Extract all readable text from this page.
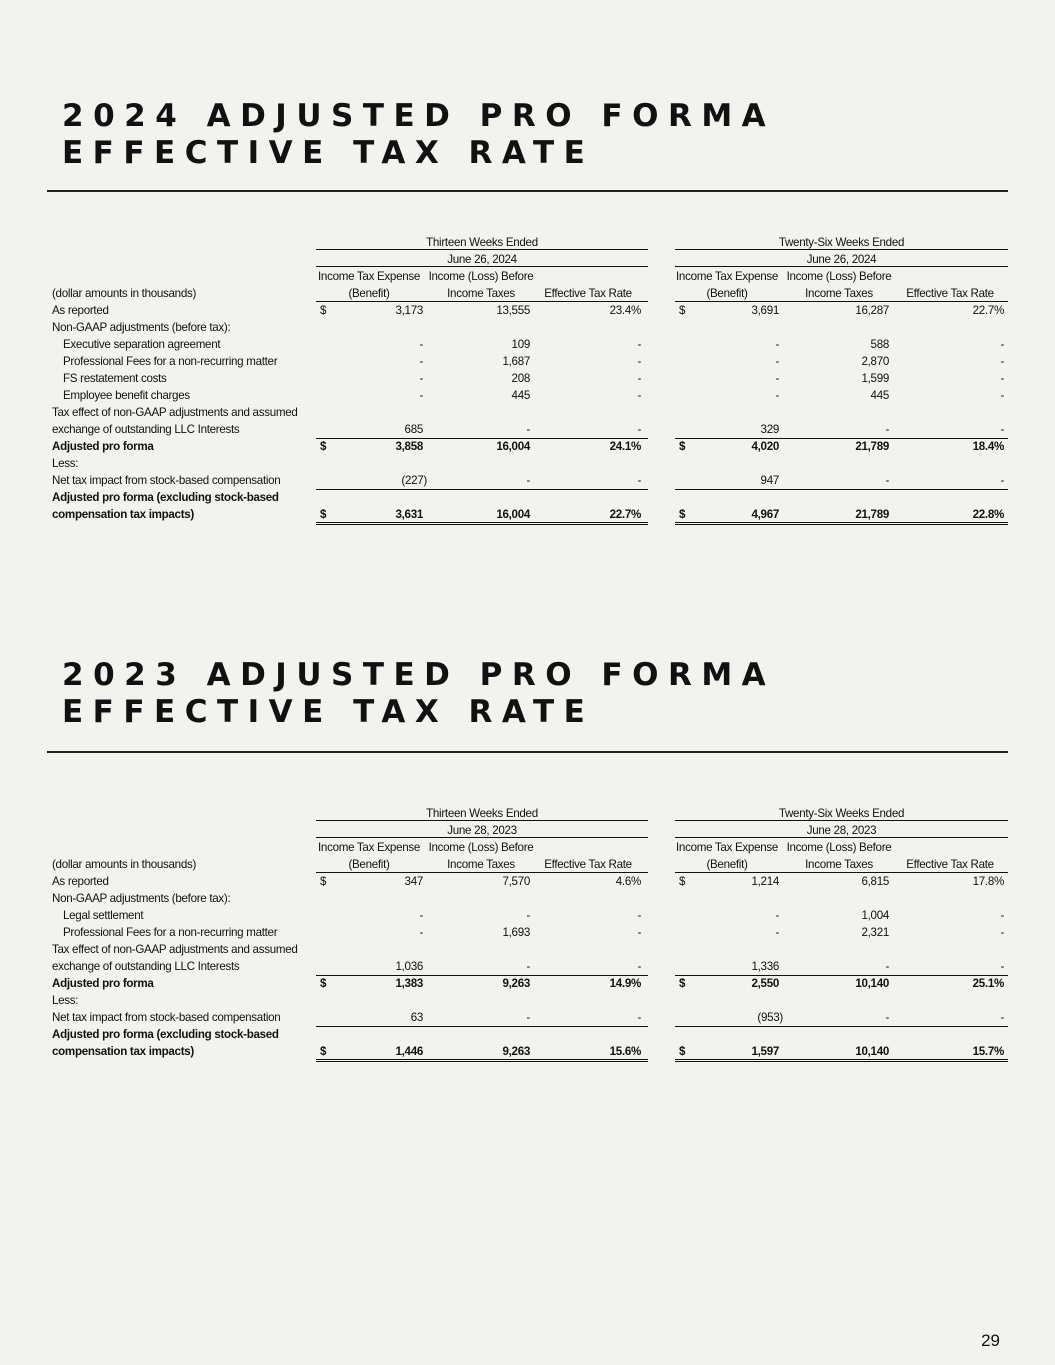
2024 ADJUSTED PRO FORMA EFFECTIVE TAX RATE
Thirteen Weeks Ended	Twenty-Six Weeks Ended
June 26, 2024	June 26, 2024
Income Tax Expense Income (Loss) Before	Income Tax Expense Income (Loss) Before
(dollar amounts in thousands)	(Benefit)	Income Taxes	Effective Tax Rate	(Benefit)	Income Taxes	Effective Tax Rate
As reported	$	3,173	13,555	23.4%	$	3,691	16,287	22.7%
Non-GAAP adjustments (before tax):
Executive separation agreement	-	109	-	-	588	-
Professional Fees for a non-recurring matter	-	1,687	-	-	2,870	-
FS restatement costs	-	208	-	-	1,599	-
Employee benefit charges	-	445	-	-	445	-
Tax effect of non-GAAP adjustments and assumed
exchange of outstanding LLC Interests	685	-	-	329	-	-
Adjusted pro forma	$	3,858	16,004	24.1%	$	4,020	21,789	18.4%
Less:
Net tax impact from stock-based compensation	(227)	-	-	947	-	-
Adjusted pro forma (excluding stock-based
compensation tax impacts)	$	3,631	16,004	22.7%	$	4,967	21,789	22.8%
2023 ADJUSTED PRO FORMA EFFECTIVE TAX RATE
Thirteen Weeks Ended	Twenty-Six Weeks Ended
June 28, 2023	June 28, 2023
Income Tax Expense Income (Loss) Before	Income Tax Expense Income (Loss) Before
(dollar amounts in thousands)	(Benefit)	Income Taxes	Effective Tax Rate	(Benefit)	Income Taxes	Effective Tax Rate
As reported	$	347	7,570	4.6%	$	1,214	6,815	17.8%
Non-GAAP adjustments (before tax):
Legal settlement	-	-	-	-	1,004	-
Professional Fees for a non-recurring matter	-	1,693	-	-	2,321	-
Tax effect of non-GAAP adjustments and assumed
exchange of outstanding LLC Interests	1,036	-	-	1,336	-	-
Adjusted pro forma	$	1,383	9,263	14.9%	$	2,550	10,140	25.1%
Less:
Net tax impact from stock-based compensation	63	-	-	(953)	-	-
Adjusted pro forma (excluding stock-based
compensation tax impacts)	$	1,446	9,263	15.6%	$	1,597	10,140	15.7%
29
